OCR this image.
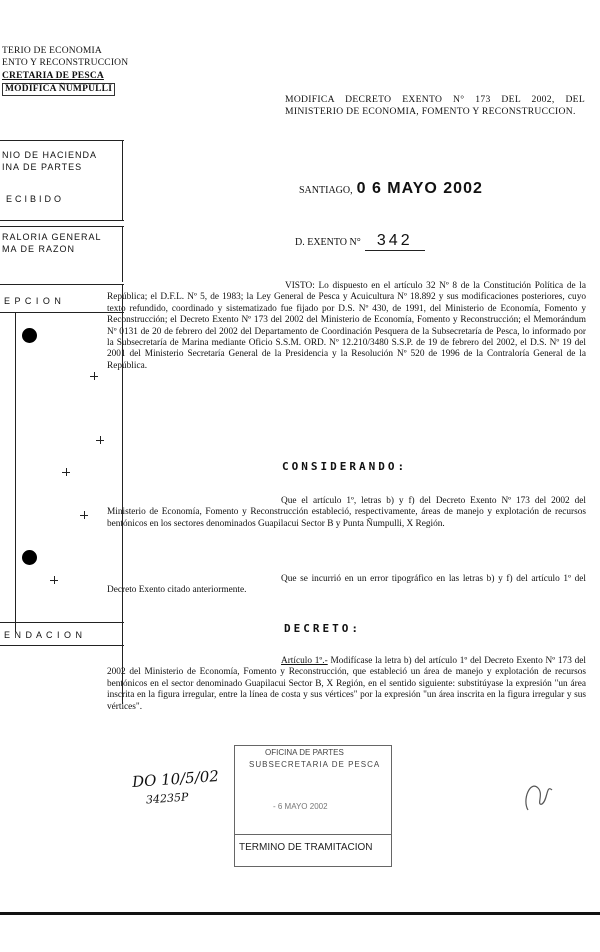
TERIO DE ECONOMIA
ENTO Y RECONSTRUCCION
CRETARIA DE PESCA
MODIFICA ÑUMPULLI
NIO DE HACIENDA
INA DE PARTES
ECIBIDO
RALORIA GENERAL
MA DE RAZON
E P C I O N
E N D A C I O N
MODIFICA DECRETO EXENTO N° 173 DEL 2002, DEL MINISTERIO DE ECONOMIA, FOMENTO Y RECONSTRUCCION.
SANTIAGO, 0 6 MAYO 2002
D. EXENTO N° 342
VISTO: Lo dispuesto en el artículo 32 Nº 8 de la Constitución Política de la República; el D.F.L. Nº 5, de 1983; la Ley General de Pesca y Acuicultura Nº 18.892 y sus modificaciones posteriores, cuyo texto refundido, coordinado y sistematizado fue fijado por D.S. Nº 430, de 1991, del Ministerio de Economía, Fomento y Reconstrucción; el Decreto Exento Nº 173 del 2002 del Ministerio de Economía, Fomento y Reconstrucción; el Memorándum Nº 0131 de 20 de febrero del 2002 del Departamento de Coordinación Pesquera de la Subsecretaría de Pesca, lo informado por la Subsecretaría de Marina mediante Oficio S.S.M. ORD. Nº 12.210/3480 S.S.P. de 19 de febrero del 2002, el D.S. Nº 19 del 2001 del Ministerio Secretaría General de la Presidencia y la Resolución Nº 520 de 1996 de la Contraloría General de la República.
CONSIDERANDO:
Que el artículo 1º, letras b) y f) del Decreto Exento Nº 173 del 2002 del Ministerio de Economía, Fomento y Reconstrucción estableció, respectivamente, áreas de manejo y explotación de recursos bentónicos en los sectores denominados Guapilacui Sector B y Punta Ñumpulli, X Región.
Que se incurrió en un error tipográfico en las letras b) y f) del artículo 1º del Decreto Exento citado anteriormente.
DECRETO:
Artículo 1º.- Modifícase la letra b) del artículo 1º del Decreto Exento Nº 173 del 2002 del Ministerio de Economía, Fomento y Reconstrucción, que estableció un área de manejo y explotación de recursos bentónicos en el sector denominado Guapilacui Sector B, X Región, en el sentido siguiente: substitúyase la expresión "un área inscrita en la figura irregular, entre la línea de costa y sus vértices" por la expresión "un área inscrita en la figura irregular y sus vértices".
DO 10/5/02
34235P
OFICINA DE PARTES
SUBSECRETARIA DE PESCA
- 6 MAYO 2002
TERMINO DE TRAMITACION
